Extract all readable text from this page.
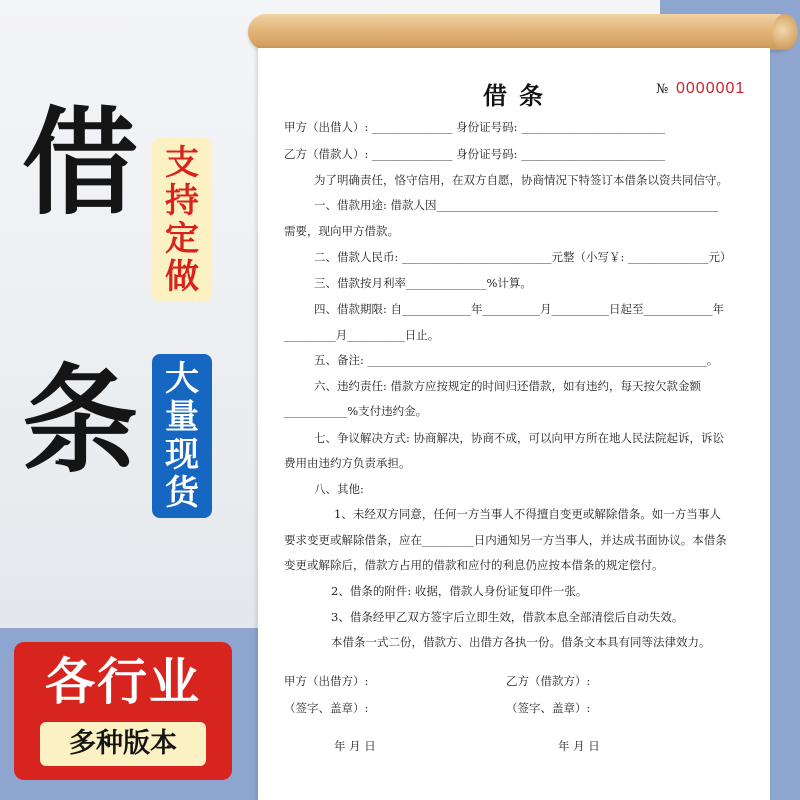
借
条
支
持
定
做
大
量
现
货
各行业
多种版本
借条	№ 0000001
甲方（出借人）: ______________ 身份证号码: _________________________
乙方（借款人）: ______________ 身份证号码: _________________________
为了明确责任，恪守信用，在双方自愿，协商情况下特签订本借条以资共同信守。
一、借款用途: 借款人因_________________________________________________
需要，现向甲方借款。
二、借款人民币: __________________________元整（小写￥: ______________元）
三、借款按月利率______________%计算。
四、借款期限: 自____________年__________月__________日起至____________年
_________月__________日止。
五、备注: ___________________________________________________________。
六、违约责任: 借款方应按规定的时间归还借款，如有违约，每天按欠款金额
___________%支付违约金。
七、争议解决方式: 协商解决，协商不成，可以向甲方所在地人民法院起诉，诉讼
费用由违约方负责承担。
八、其他:
1、未经双方同意，任何一方当事人不得擅自变更或解除借条。如一方当事人
要求变更或解除借条，应在_________日内通知另一方当事人，并达成书面协议。本借条
变更或解除后，借款方占用的借款和应付的利息仍应按本借条的规定偿付。
2、借条的附件: 收据，借款人身份证复印件一张。
3、借条经甲乙双方签字后立即生效，借款本息全部清偿后自动失效。
本借条一式二份，借款方、出借方各执一份。借条文本具有同等法律效力。
甲方（出借方）:	乙方（借款方）:
（签字、盖章）:	（签字、盖章）:
年 月 日	年 月 日
